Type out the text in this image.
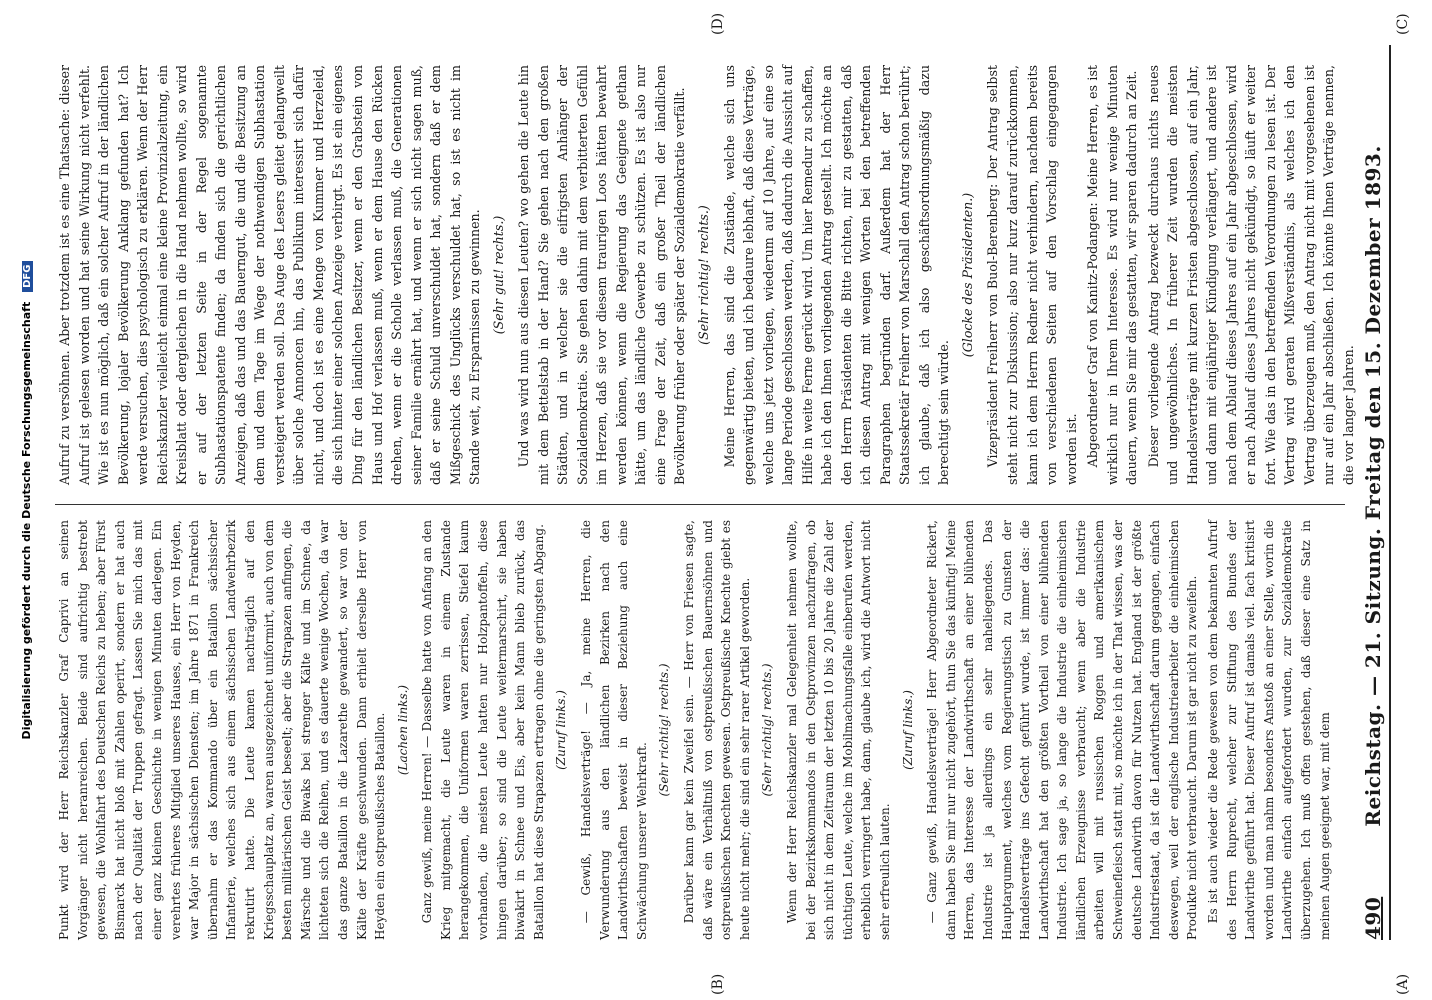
490
Reichstag. — 21. Sitzung. Freitag den 15. Dezember 1893.
(A)
(B)
(C)
(D)

Punkt wird der Herr Reichskanzler Graf Caprivi an seinen Vorgänger nicht heranreichen. Beide sind aufrichtig bestrebt gewesen, die Wohlfahrt des Deutschen Reichs zu heben; aber Fürst Bismarck hat nicht bloß mit Zahlen operirt, sondern er hat auch nach der Qualität der Truppen gefragt. Lassen Sie mich das mit einer ganz kleinen Geschichte in wenigen Minuten darlegen. Ein verehrtes früheres Mitglied unseres Hauses, ein Herr von Heyden, war Major in sächsischen Diensten; im Jahre 1871 in Frankreich übernahm er das Kommando über ein Bataillon sächsischer Infanterie, welches sich aus einem sächsischen Landwehrbezirk rekrutirt hatte. Die Leute kamen nachträglich auf den Kriegsschauplatz an, waren ausgezeichnet uniformirt, auch von dem besten militärischen Geist beseelt; aber die Strapazen anfingen, die Märsche und die Biwaks bei strenger Kälte und im Schnee, da lichteten sich die Reihen, und es dauerte wenige Wochen, da war das ganze Bataillon in die Lazarethe gewandert, so war von der Kälte der Kräfte geschwunden. Dann erhielt derselbe Herr von Heyden ein ostpreußisches Bataillon. (Lachen links.) Ganz gewiß, meine Herren! — Dasselbe hatte von Anfang an den Krieg mitgemacht, die Leute waren in einem Zustande herangekommen, die Uniformen waren zerrissen, Stiefel kaum vorhanden, die meisten Leute hatten nur Holzpantoffeln, diese hingen darüber; so sind die Leute weitermarschirt, sie haben biwakirt in Schnee und Eis, aber kein Mann blieb zurück, das Bataillon hat diese Strapazen ertragen ohne die geringsten Abgang. (Zuruf links.) — Gewiß, Handelsverträge! — Ja, meine Herren, die Verwunderung aus den ländlichen Bezirken nach den Landwirthschaften beweist in dieser Beziehung auch eine Schwächung unserer Wehrkraft.

(Sehr richtig! rechts.) Darüber kann gar kein Zweifel sein. — Herr von Friesen sagte, daß wäre ein Verhältniß von ostpreußischen Bauernsöhnen und ostpreußischen Knechten gewesen. Ostpreußische Knechte giebt es heute nicht mehr; die sind ein sehr rarer Artikel geworden. (Sehr richtig! rechts.) Wenn der Herr Reichskanzler mal Gelegenheit nehmen wollte, bei der Bezirkskommandos in den Ostprovinzen nachzufragen, ob sich nicht in dem Zeitraum der letzten 10 bis 20 Jahre die Zahl der tüchtigen Leute, welche im Mobilmachungsfalle einberufen werden, erheblich verringert habe, dann, glaube ich, wird die Antwort nicht sehr erfreulich lauten.

(Zuruf links.) — Ganz gewiß, Handelsverträge! Herr Abgeordneter Rickert, dann haben Sie mir nur nicht zugehört, thun Sie das künftig! Meine Herren, das Interesse der Landwirthschaft an einer blühenden Industrie ist ja allerdings ein sehr naheliegendes. Das Hauptargument, welches vom Regierungstisch zu Gunsten der Handelsverträge ins Gefecht geführt wurde, ist immer das: die Landwirthschaft hat den größten Vortheil von einer blühenden Industrie. Ich sage ja, so lange die Industrie die einheimischen ländlichen Erzeugnisse verbraucht; wenn aber die Industrie arbeiten will mit russischen Roggen und amerikanischem Schweinefleisch statt mit, so möchte ich in der That wissen, was der deutsche Landwirth davon für Nutzen hat. England ist der größte Industriestaat, da ist die Landwirthschaft darum gegangen, einfach deswegen, weil der englische Industriearbeiter die einheimischen Produkte nicht verbraucht. Darum ist gar nicht zu zweifeln. Es ist auch wieder die Rede gewesen von dem bekannten Aufruf des Herrn Ruprecht, welcher zur Stiftung des Bundes der Landwirthe geführt hat. Dieser Aufruf ist damals viel. fach kritisirt worden und man nahm besonders Anstoß an einer Stelle, worin die Landwirthe einfach aufgefordert wurden, zur Sozialdemokratie überzugehen. Ich muß offen gestehen, daß dieser eine Satz in meinen Augen geeignet war, mit dem

Aufruf zu versöhnen. Aber trotzdem ist es eine Thatsache: dieser Aufruf ist gelesen worden und hat seine Wirkung nicht verfehlt. Wie ist es nun möglich, daß ein solcher Aufruf in der ländlichen Bevölkerung, lojaler Bevölkerung Anklang gefunden hat? Ich werde versuchen, dies psychologisch zu erklären. Wenn der Herr Reichskanzler vielleicht einmal eine kleine Provinzialzeitung, ein Kreisblatt oder dergleichen in die Hand nehmen wollte, so wird er auf der letzten Seite in der Regel sogenannte Subhastationspatente finden; da finden sich die gerichtlichen Anzeigen, daß das und das Bauerngut, die und die Besitzung an dem und dem Tage im Wege der nothwendigen Subhastation versteigert werden soll. Das Auge des Lesers gleitet gelangweilt über solche Annoncen hin, das Publikum interessirt sich dafür nicht, und doch ist es eine Menge von Kummer und Herzeleid, die sich hinter einer solchen Anzeige verbirgt. Es ist ein eigenes Ding für den ländlichen Besitzer, wenn er den Grabstein von Haus und Hof verlassen muß, wenn er dem Hause den Rücken drehen, wenn er die Scholle verlassen muß, die Generationen seiner Familie ernährt hat, und wenn er sich nicht sagen muß, daß er seine Schuld unverschuldet hat, sondern daß er dem Mißgeschick des Unglücks verschuldet hat, so ist es nicht im Stande weit, zu Ersparnissen zu gewinnen. (Sehr gut! rechts.) Und was wird nun aus diesen Leuten? wo gehen die Leute hin mit dem Bettelstab in der Hand? Sie gehen nach den großen Städten, und in welcher sie die eifrigsten Anhänger der Sozialdemokratie. Sie gehen dahin mit dem verbitterten Gefühl im Herzen, daß sie vor diesem traurigen Loos hätten bewahrt werden können, wenn die Regierung das Geeignete gethan hätte, um das ländliche Gewerbe zu schützen. Es ist also nur eine Frage der Zeit, daß ein großer Theil der ländlichen Bevölkerung früher oder später der Sozialdemokratie verfällt. (Sehr richtig! rechts.) Meine Herren, das sind die Zustände, welche sich uns gegenwärtig bieten, und ich bedaure lebhaft, daß diese Verträge, welche uns jetzt vorliegen, wiederum auf 10 Jahre, auf eine so lange Periode geschlossen werden, daß dadurch die Aussicht auf Hilfe in weite Ferne gerückt wird. Um hier Remedur zu schaffen, habe ich den Ihnen vorliegenden Antrag gestellt. Ich möchte an den Herrn Präsidenten die Bitte richten, mir zu gestatten, daß ich diesen Antrag mit wenigen Worten bei den betreffenden Paragraphen begründen darf. Außerdem hat der Herr Staatssekretär Freiherr von Marschall den Antrag schon berührt; ich glaube, daß ich also geschäftsordnungsmäßig dazu berechtigt sein würde.

(Glocke des Präsidenten.) Vizepräsident Freiherr von Buol-Berenberg: Der Antrag selbst steht nicht zur Diskussion; also nur kurz darauf zurückkommen, kann ich dem Herrn Redner nicht verhindern, nachdem bereits von verschiedenen Seiten auf den Vorschlag eingegangen worden ist. Abgeordneter Graf von Kanitz-Podangen: Meine Herren, es ist wirklich nur in Ihrem Interesse. Es wird nur wenige Minuten dauern, wenn Sie mir das gestatten, wir sparen dadurch an Zeit. Dieser vorliegende Antrag bezweckt durchaus nichts neues und ungewöhnliches. In früherer Zeit wurden die meisten Handelsverträge mit kurzen Fristen abgeschlossen, auf ein Jahr, und dann mit einjähriger Kündigung verlängert, und andere ist nach dem Ablauf dieses Jahres auf ein Jahr abgeschlossen, wird er nach Ablauf dieses Jahres nicht gekündigt, so läuft er weiter fort. Wie das in den betreffenden Verordnungen zu lesen ist. Der Vertrag wird geraten Mißverständnis, als welches ich den Vertrag überzeugen muß, den Antrag nicht mit vorgesehenen ist nur auf ein Jahr abschließen. Ich könnte Ihnen Verträge nennen, die vor langer Jahren.

Digitalisierung gefördert durch die Deutsche Forschungsgemeinschaft DFG
